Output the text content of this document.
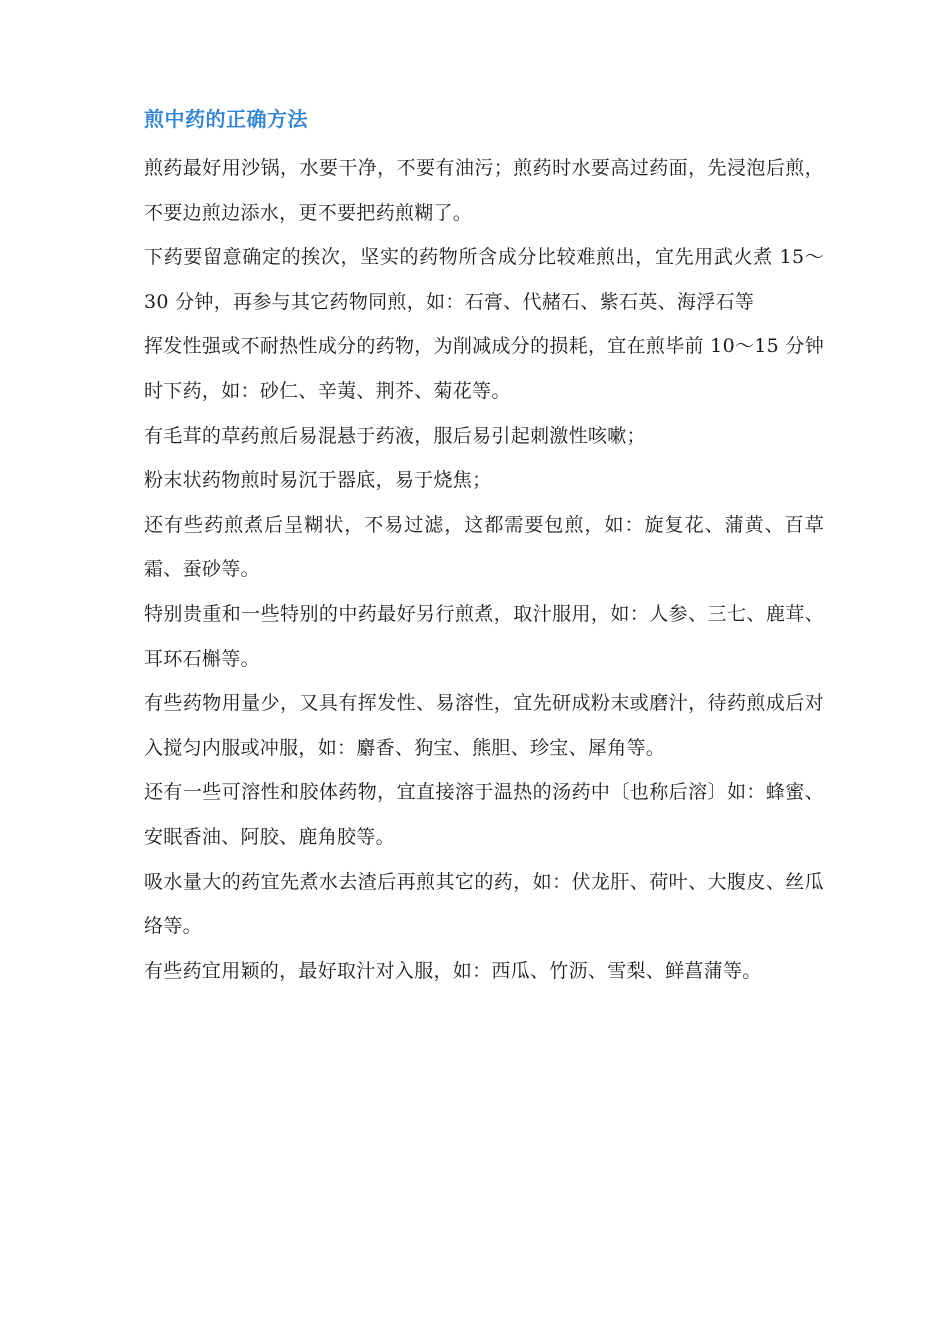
煎中药的正确方法

煎药最好用沙锅，水要干净，不要有油污；煎药时水要高过药面，先浸泡后煎，不要边煎边添水，更不要把药煎糊了。

下药要留意确定的挨次，坚实的药物所含成分比较难煎出，宜先用武火煮 15～30 分钟，再参与其它药物同煎，如：石膏、代赭石、紫石英、海浮石等

挥发性强或不耐热性成分的药物，为削减成分的损耗，宜在煎毕前 10～15 分钟时下药，如：砂仁、辛荑、荆芥、菊花等。

有毛茸的草药煎后易混悬于药液，服后易引起刺激性咳嗽；

粉末状药物煎时易沉于器底，易于烧焦；

还有些药煎煮后呈糊状，不易过滤，这都需要包煎，如：旋复花、蒲黄、百草霜、蚕砂等。

特别贵重和一些特别的中药最好另行煎煮，取汁服用，如：人参、三七、鹿茸、耳环石槲等。

有些药物用量少，又具有挥发性、易溶性，宜先研成粉末或磨汁，待药煎成后对入搅匀内服或冲服，如：麝香、狗宝、熊胆、珍宝、犀角等。

还有一些可溶性和胶体药物，宜直接溶于温热的汤药中〔也称后溶〕如：蜂蜜、安眠香油、阿胶、鹿角胶等。

吸水量大的药宜先煮水去渣后再煎其它的药，如：伏龙肝、荷叶、大腹皮、丝瓜络等。

有些药宜用颖的，最好取汁对入服，如：西瓜、竹沥、雪梨、鲜菖蒲等。
